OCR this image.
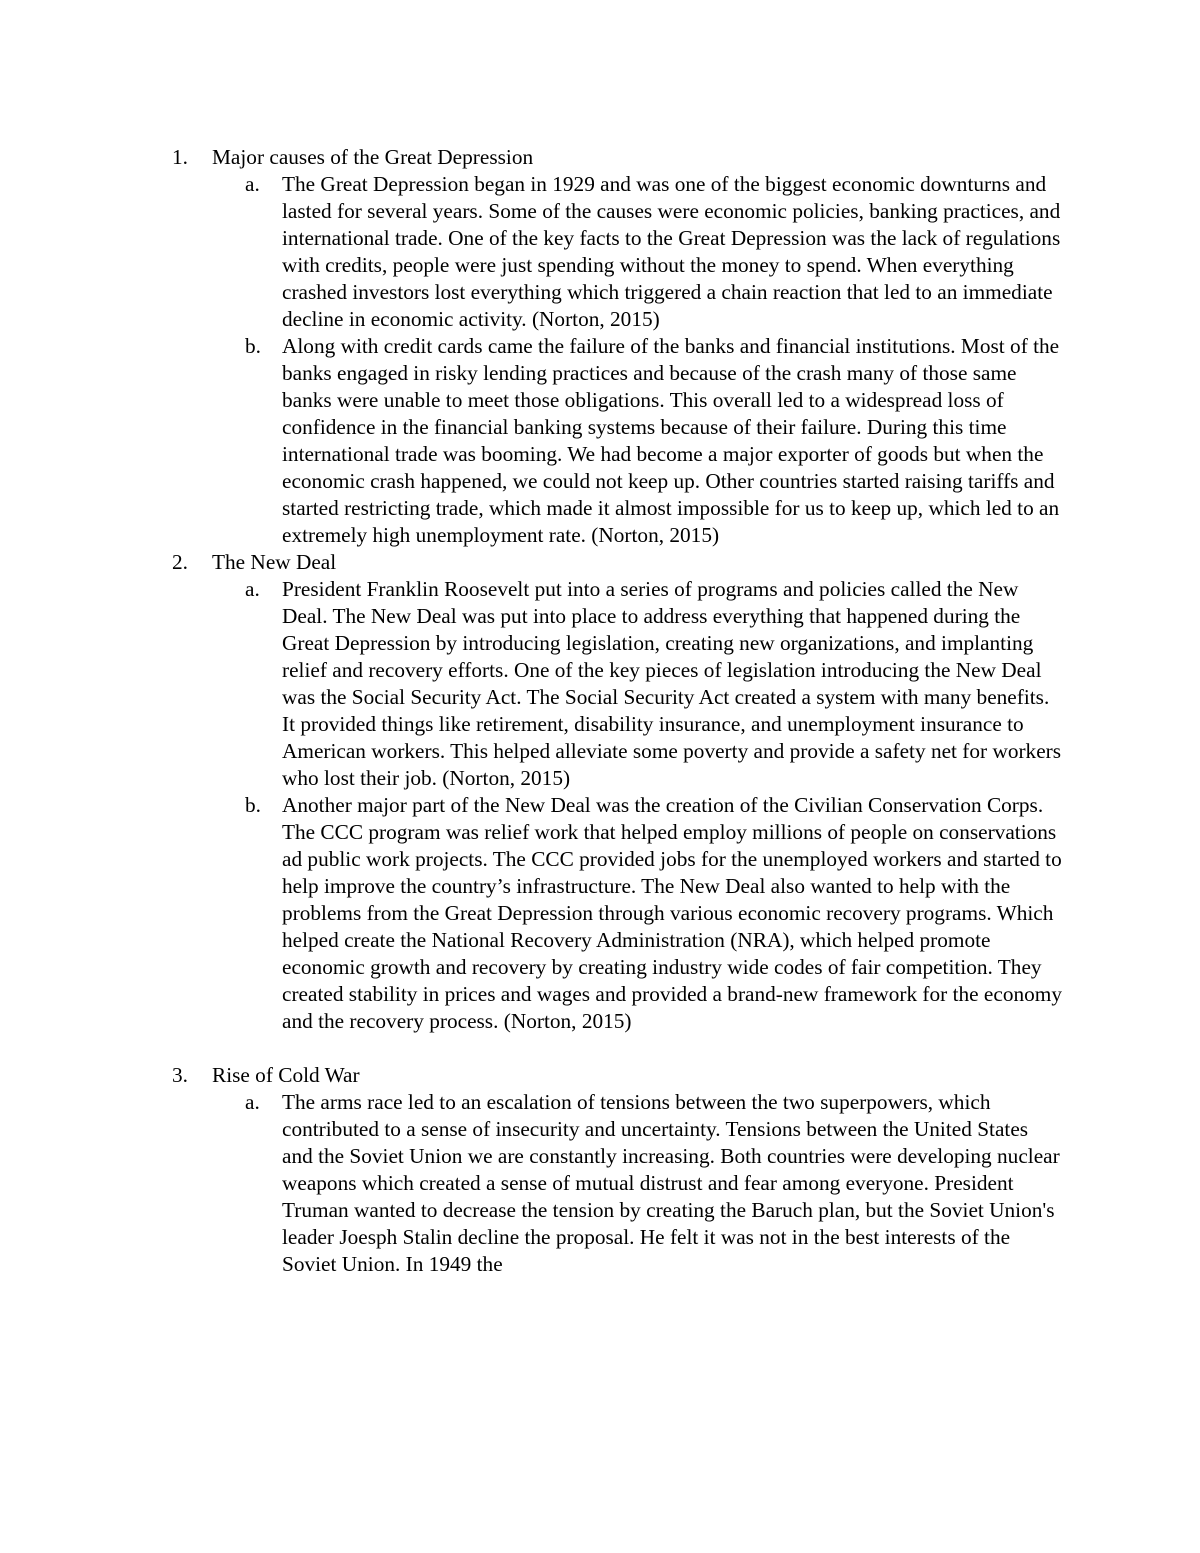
1.	Major causes of the Great Depression
a.	The Great Depression began in 1929 and was one of the biggest economic downturns and lasted for several years. Some of the causes were economic policies, banking practices, and international trade. One of the key facts to the Great Depression was the lack of regulations with credits, people were just spending without the money to spend. When everything crashed investors lost everything which triggered a chain reaction that led to an immediate decline in economic activity. (Norton, 2015)
b. Along with credit cards came the failure of the banks and financial institutions. Most of the banks engaged in risky lending practices and because of the crash many of those same banks were unable to meet those obligations. This overall led to a widespread loss of confidence in the financial banking systems because of their failure. During this time international trade was booming. We had become a major exporter of goods but when the economic crash happened, we could not keep up. Other countries started raising tariffs and started restricting trade, which made it almost impossible for us to keep up, which led to an extremely high unemployment rate. (Norton, 2015)
2.	The New Deal
a.	President Franklin Roosevelt put into a series of programs and policies called the New Deal. The New Deal was put into place to address everything that happened during the Great Depression by introducing legislation, creating new organizations, and implanting relief and recovery efforts. One of the key pieces of legislation introducing the New Deal was the Social Security Act. The Social Security Act created a system with many benefits. It provided things like retirement, disability insurance, and unemployment insurance to American workers. This helped alleviate some poverty and provide a safety net for workers who lost their job. (Norton, 2015)
b. Another major part of the New Deal was the creation of the Civilian Conservation Corps. The CCC program was relief work that helped employ millions of people on conservations ad public work projects. The CCC provided jobs for the unemployed workers and started to help improve the country’s infrastructure. The New Deal also wanted to help with the problems from the Great Depression through various economic recovery programs. Which helped create the National Recovery Administration (NRA), which helped promote economic growth and recovery by creating industry wide codes of fair competition. They created stability in prices and wages and provided a brand-new framework for the economy and the recovery process. (Norton, 2015)
3.	Rise of Cold War
a.	The arms race led to an escalation of tensions between the two superpowers, which contributed to a sense of insecurity and uncertainty. Tensions between the United States and the Soviet Union we are constantly increasing. Both countries were developing nuclear weapons which created a sense of mutual distrust and fear among everyone. President Truman wanted to decrease the tension by creating the Baruch plan, but the Soviet Union's leader Joesph Stalin decline the proposal. He felt it was not in the best interests of the Soviet Union. In 1949 the
